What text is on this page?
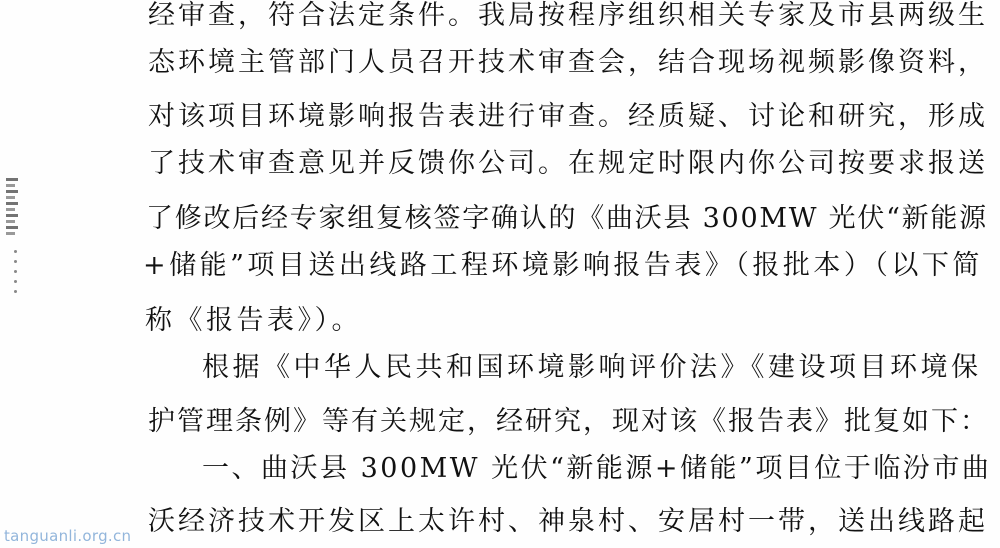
经审查，符合法定条件。我局按程序组织相关专家及市县两级生

态环境主管部门人员召开技术审查会，结合现场视频影像资料，

对该项目环境影响报告表进行审查。经质疑、讨论和研究，形成

了技术审查意见并反馈你公司。在规定时限内你公司按要求报送

了修改后经专家组复核签字确认的《曲沃县 300MW 光伏“新能源

+储能”项目送出线路工程环境影响报告表》（报批本）（以下简

称《报告表》）。

根据《中华人民共和国环境影响评价法》《建设项目环境保

护管理条例》等有关规定，经研究，现对该《报告表》批复如下：

一、曲沃县 300MW 光伏“新能源+储能”项目位于临汾市曲

沃经济技术开发区上太许村、神泉村、安居村一带，送出线路起

tanguanli.org.cn
